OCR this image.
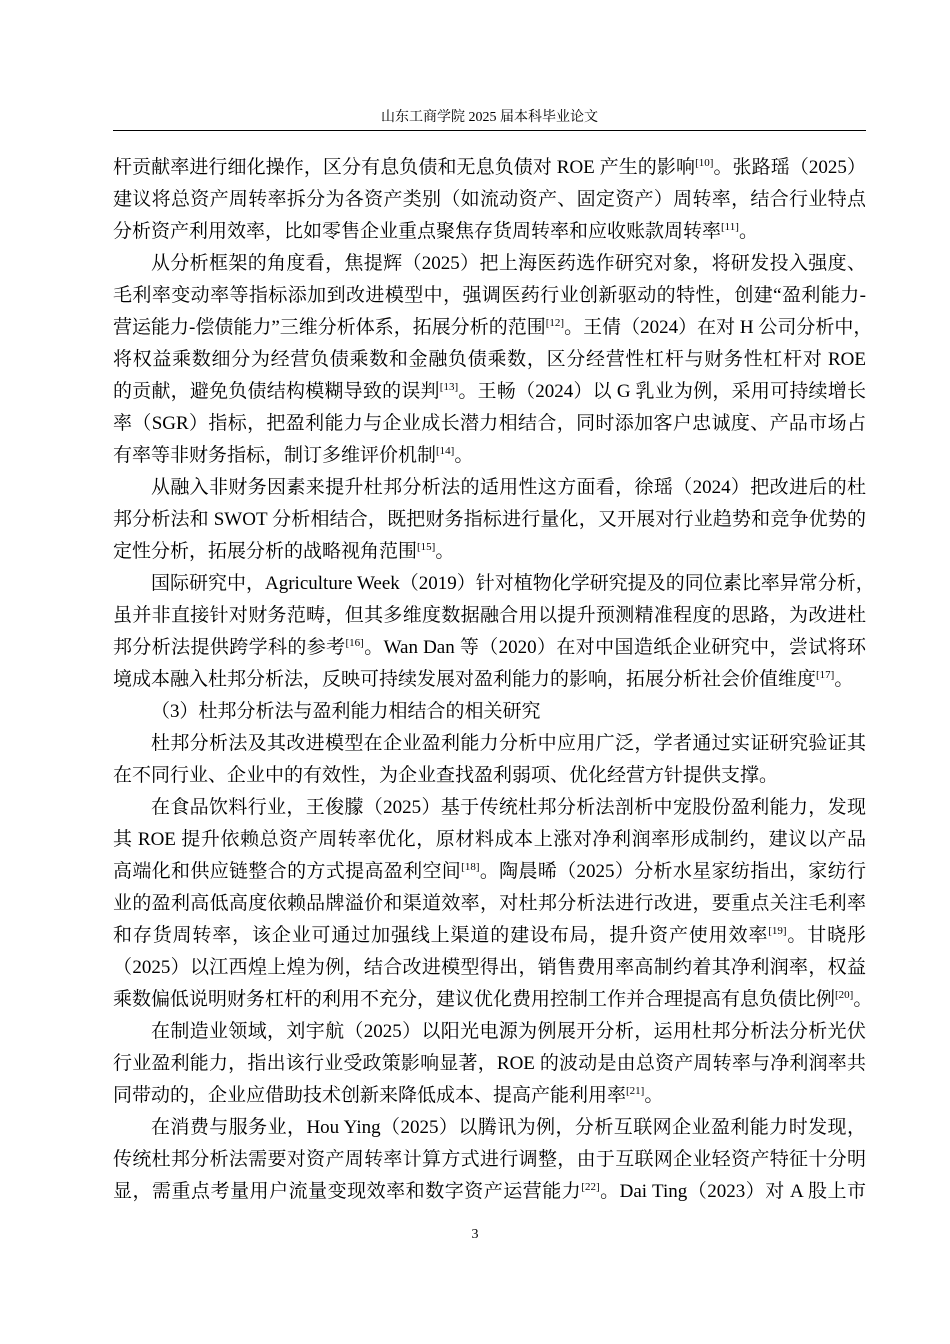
山东工商学院 2025 届本科毕业论文
杆贡献率进行细化操作，区分有息负债和无息负债对 ROE 产生的影响[10]。张路瑶（2025）
建议将总资产周转率拆分为各资产类别（如流动资产、固定资产）周转率，结合行业特点
分析资产利用效率，比如零售企业重点聚焦存货周转率和应收账款周转率[11]。
从分析框架的角度看，焦提辉（2025）把上海医药选作研究对象，将研发投入强度、
毛利率变动率等指标添加到改进模型中，强调医药行业创新驱动的特性，创建“盈利能力-
营运能力-偿债能力”三维分析体系，拓展分析的范围[12]。王倩（2024）在对 H 公司分析中，
将权益乘数细分为经营负债乘数和金融负债乘数，区分经营性杠杆与财务性杠杆对 ROE
的贡献，避免负债结构模糊导致的误判[13]。王畅（2024）以 G 乳业为例，采用可持续增长
率（SGR）指标，把盈利能力与企业成长潜力相结合，同时添加客户忠诚度、产品市场占
有率等非财务指标，制订多维评价机制[14]。
从融入非财务因素来提升杜邦分析法的适用性这方面看，徐瑶（2024）把改进后的杜
邦分析法和 SWOT 分析相结合，既把财务指标进行量化，又开展对行业趋势和竞争优势的
定性分析，拓展分析的战略视角范围[15]。
国际研究中，Agriculture Week（2019）针对植物化学研究提及的同位素比率异常分析，
虽并非直接针对财务范畴，但其多维度数据融合用以提升预测精准程度的思路，为改进杜
邦分析法提供跨学科的参考[16]。Wan Dan 等（2020）在对中国造纸企业研究中，尝试将环
境成本融入杜邦分析法，反映可持续发展对盈利能力的影响，拓展分析社会价值维度[17]。
（3）杜邦分析法与盈利能力相结合的相关研究
杜邦分析法及其改进模型在企业盈利能力分析中应用广泛，学者通过实证研究验证其
在不同行业、企业中的有效性，为企业查找盈利弱项、优化经营方针提供支撑。
在食品饮料行业，王俊朦（2025）基于传统杜邦分析法剖析中宠股份盈利能力，发现
其 ROE 提升依赖总资产周转率优化，原材料成本上涨对净利润率形成制约，建议以产品
高端化和供应链整合的方式提高盈利空间[18]。陶晨晞（2025）分析水星家纺指出，家纺行
业的盈利高低高度依赖品牌溢价和渠道效率，对杜邦分析法进行改进，要重点关注毛利率
和存货周转率，该企业可通过加强线上渠道的建设布局，提升资产使用效率[19]。甘晓彤
（2025）以江西煌上煌为例，结合改进模型得出，销售费用率高制约着其净利润率，权益
乘数偏低说明财务杠杆的利用不充分，建议优化费用控制工作并合理提高有息负债比例[20]。
在制造业领域，刘宇航（2025）以阳光电源为例展开分析，运用杜邦分析法分析光伏
行业盈利能力，指出该行业受政策影响显著，ROE 的波动是由总资产周转率与净利润率共
同带动的，企业应借助技术创新来降低成本、提高产能利用率[21]。
在消费与服务业，Hou Ying（2025）以腾讯为例，分析互联网企业盈利能力时发现，
传统杜邦分析法需要对资产周转率计算方式进行调整，由于互联网企业轻资产特征十分明
显，需重点考量用户流量变现效率和数字资产运营能力[22]。Dai Ting（2023）对 A 股上市
3
